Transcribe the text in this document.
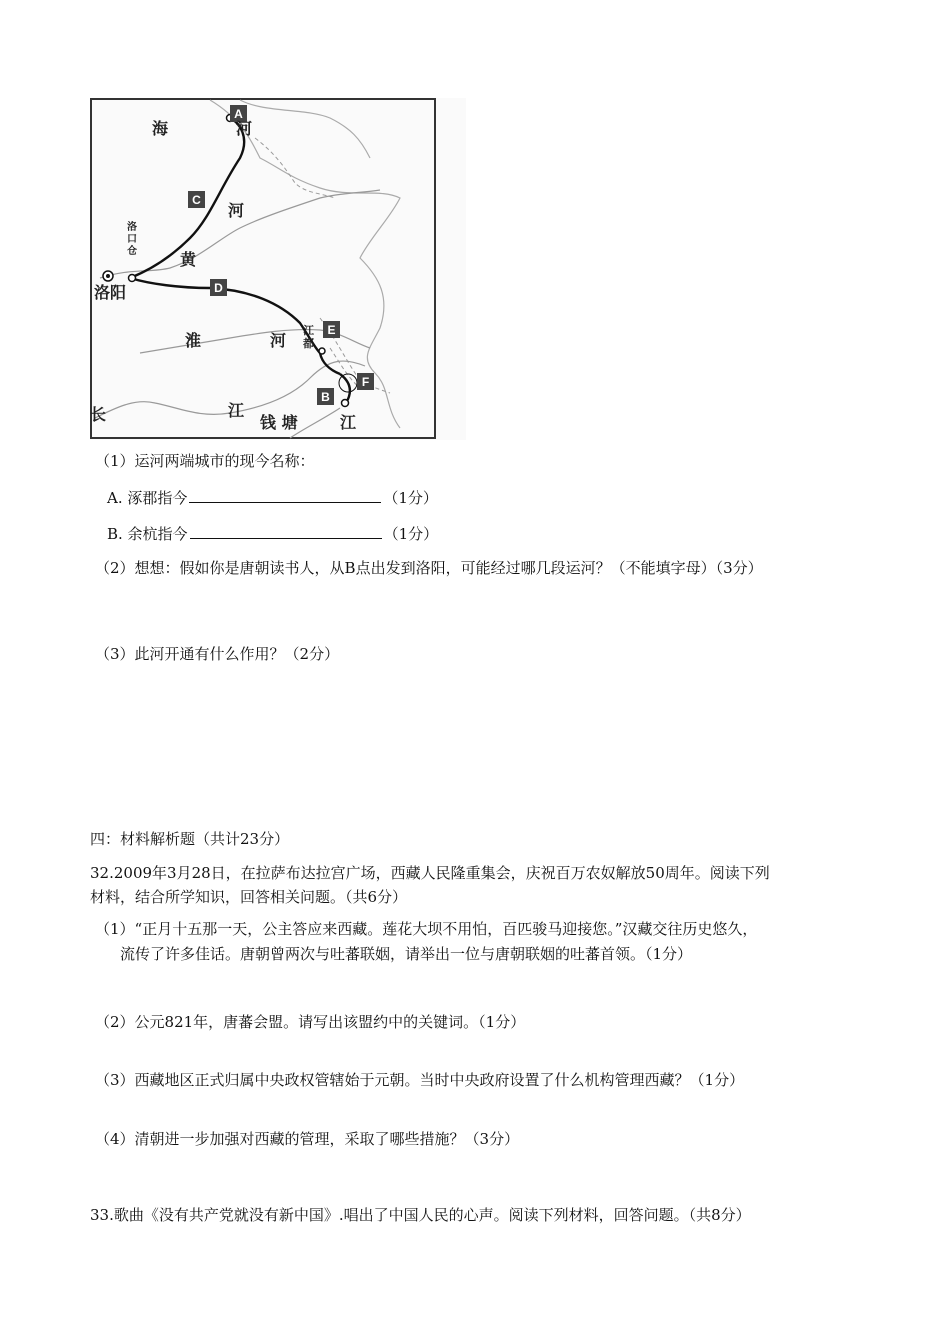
A
C
D
E
F
B
海	河
河
黄
淮	河
洛
口
仓
洛阳
江
都
长	江
钱 塘	江
（1）运河两端城市的现今名称：
A. 涿郡指今	（1分）
B. 余杭指今	（1分）
（2）想想：假如你是唐朝读书人，从B点出发到洛阳，可能经过哪几段运河？（不能填字母）（3分）
（3）此河开通有什么作用？（2分）
四：材料解析题（共计23分）
32.2009年3月28日，在拉萨布达拉宫广场，西藏人民隆重集会，庆祝百万农奴解放50周年。阅读下列
材料，结合所学知识，回答相关问题。（共6分）
（1）“正月十五那一天，公主答应来西藏。莲花大坝不用怕，百匹骏马迎接您。”汉藏交往历史悠久，
流传了许多佳话。唐朝曾两次与吐蕃联姻，请举出一位与唐朝联姻的吐蕃首领。（1分）
（2）公元821年，唐蕃会盟。请写出该盟约中的关键词。（1分）
（3）西藏地区正式归属中央政权管辖始于元朝。当时中央政府设置了什么机构管理西藏？（1分）
（4）清朝进一步加强对西藏的管理，采取了哪些措施？（3分）
33.歌曲《没有共产党就没有新中国》.唱出了中国人民的心声。阅读下列材料，回答问题。（共8分）
